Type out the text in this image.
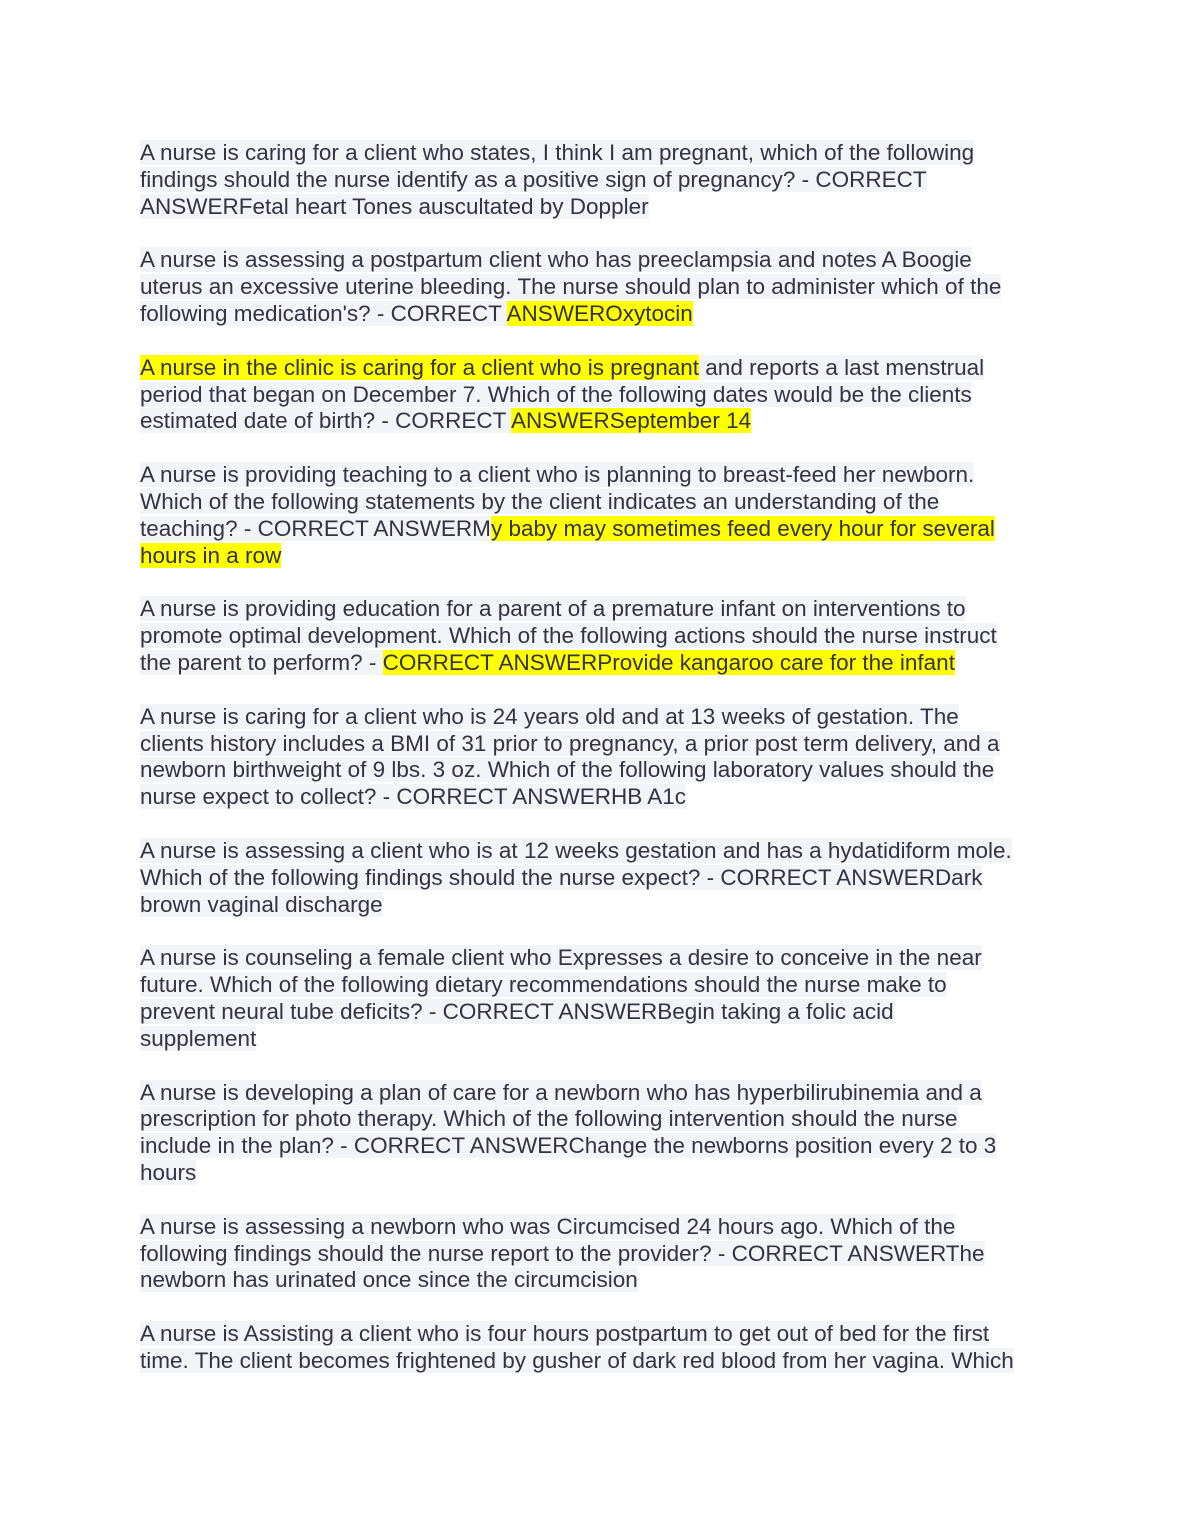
A nurse is caring for a client who states, I think I am pregnant, which of the following
findings should the nurse identify as a positive sign of pregnancy? - CORRECT
ANSWERFetal heart Tones auscultated by Doppler
A nurse is assessing a postpartum client who has preeclampsia and notes A Boogie
uterus an excessive uterine bleeding. The nurse should plan to administer which of the
following medication's? - CORRECT ANSWEROxytocin
A nurse in the clinic is caring for a client who is pregnant and reports a last menstrual
period that began on December 7. Which of the following dates would be the clients
estimated date of birth? - CORRECT ANSWERSeptember 14
A nurse is providing teaching to a client who is planning to breast-feed her newborn.
Which of the following statements by the client indicates an understanding of the
teaching? - CORRECT ANSWERMy baby may sometimes feed every hour for several
hours in a row
A nurse is providing education for a parent of a premature infant on interventions to
promote optimal development. Which of the following actions should the nurse instruct
the parent to perform? - CORRECT ANSWERProvide kangaroo care for the infant
A nurse is caring for a client who is 24 years old and at 13 weeks of gestation. The
clients history includes a BMI of 31 prior to pregnancy, a prior post term delivery, and a
newborn birthweight of 9 lbs. 3 oz. Which of the following laboratory values should the
nurse expect to collect? - CORRECT ANSWERHB A1c
A nurse is assessing a client who is at 12 weeks gestation and has a hydatidiform mole.
Which of the following findings should the nurse expect? - CORRECT ANSWERDark
brown vaginal discharge
A nurse is counseling a female client who Expresses a desire to conceive in the near
future. Which of the following dietary recommendations should the nurse make to
prevent neural tube deficits? - CORRECT ANSWERBegin taking a folic acid
supplement
A nurse is developing a plan of care for a newborn who has hyperbilirubinemia and a
prescription for photo therapy. Which of the following intervention should the nurse
include in the plan? - CORRECT ANSWERChange the newborns position every 2 to 3
hours
A nurse is assessing a newborn who was Circumcised 24 hours ago. Which of the
following findings should the nurse report to the provider? - CORRECT ANSWERThe
newborn has urinated once since the circumcision
A nurse is Assisting a client who is four hours postpartum to get out of bed for the first
time. The client becomes frightened by gusher of dark red blood from her vagina. Which
